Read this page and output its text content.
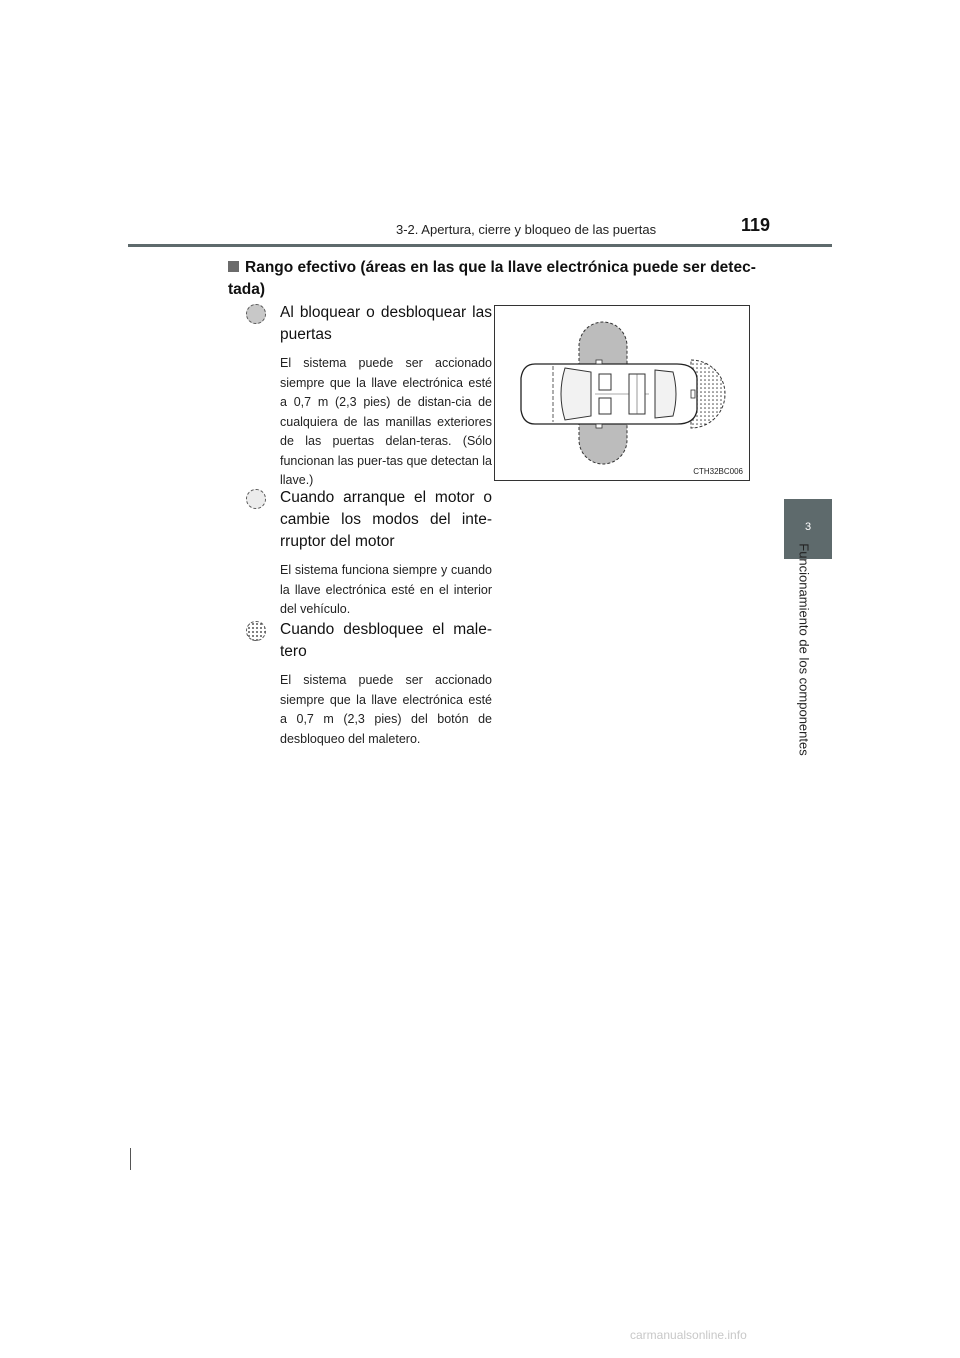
3-2. Apertura, cierre y bloqueo de las puertas	119
3
Funcionamiento de los componentes
Rango efectivo (áreas en las que la llave electrónica puede ser detec-tada)
Al bloquear o desbloquear las puertas
El sistema puede ser accionado siempre que la llave electrónica esté a 0,7 m (2,3 pies) de distan-cia de cualquiera de las manillas exteriores de las puertas delan-teras. (Sólo funcionan las puer-tas que detectan la llave.)
Cuando arranque el motor o cambie los modos del inte-rruptor del motor
El sistema funciona siempre y cuando la llave electrónica esté en el interior del vehículo.
Cuando desbloquee el male-tero
El sistema puede ser accionado siempre que la llave electrónica esté a 0,7 m (2,3 pies) del botón de desbloqueo del maletero.
CTH32BC006
carmanualsonline.info
